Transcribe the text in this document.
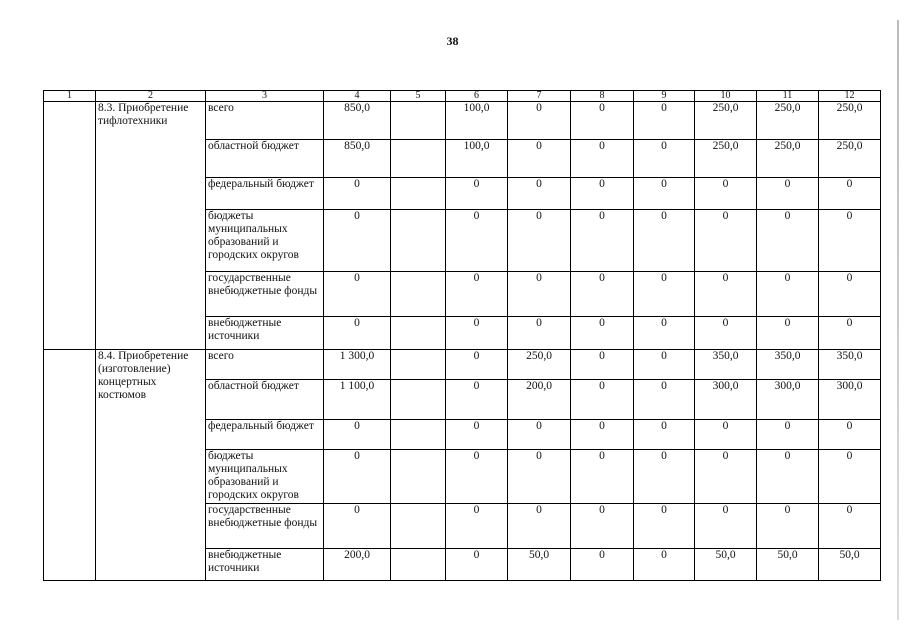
38
1	2	3	4	5	6	7	8	9	10	11	12
	8.3. Приобретение тифлотехники	всего	850,0		100,0	0	0	0	250,0	250,0	250,0
		областной бюджет	850,0		100,0	0	0	0	250,0	250,0	250,0
		федеральный бюджет	0		0	0	0	0	0	0	0
		бюджеты муниципальных образований и городских округов	0		0	0	0	0	0	0	0
		государственные внебюджетные фонды	0		0	0	0	0	0	0	0
		внебюджетные источники	0		0	0	0	0	0	0	0
	8.4. Приобретение (изготовление) концертных костюмов	всего	1 300,0		0	250,0	0	0	350,0	350,0	350,0
		областной бюджет	1 100,0		0	200,0	0	0	300,0	300,0	300,0
		федеральный бюджет	0		0	0	0	0	0	0	0
		бюджеты муниципальных образований и городских округов	0		0	0	0	0	0	0	0
		государственные внебюджетные фонды	0		0	0	0	0	0	0	0
		внебюджетные источники	200,0		0	50,0	0	0	50,0	50,0	50,0
